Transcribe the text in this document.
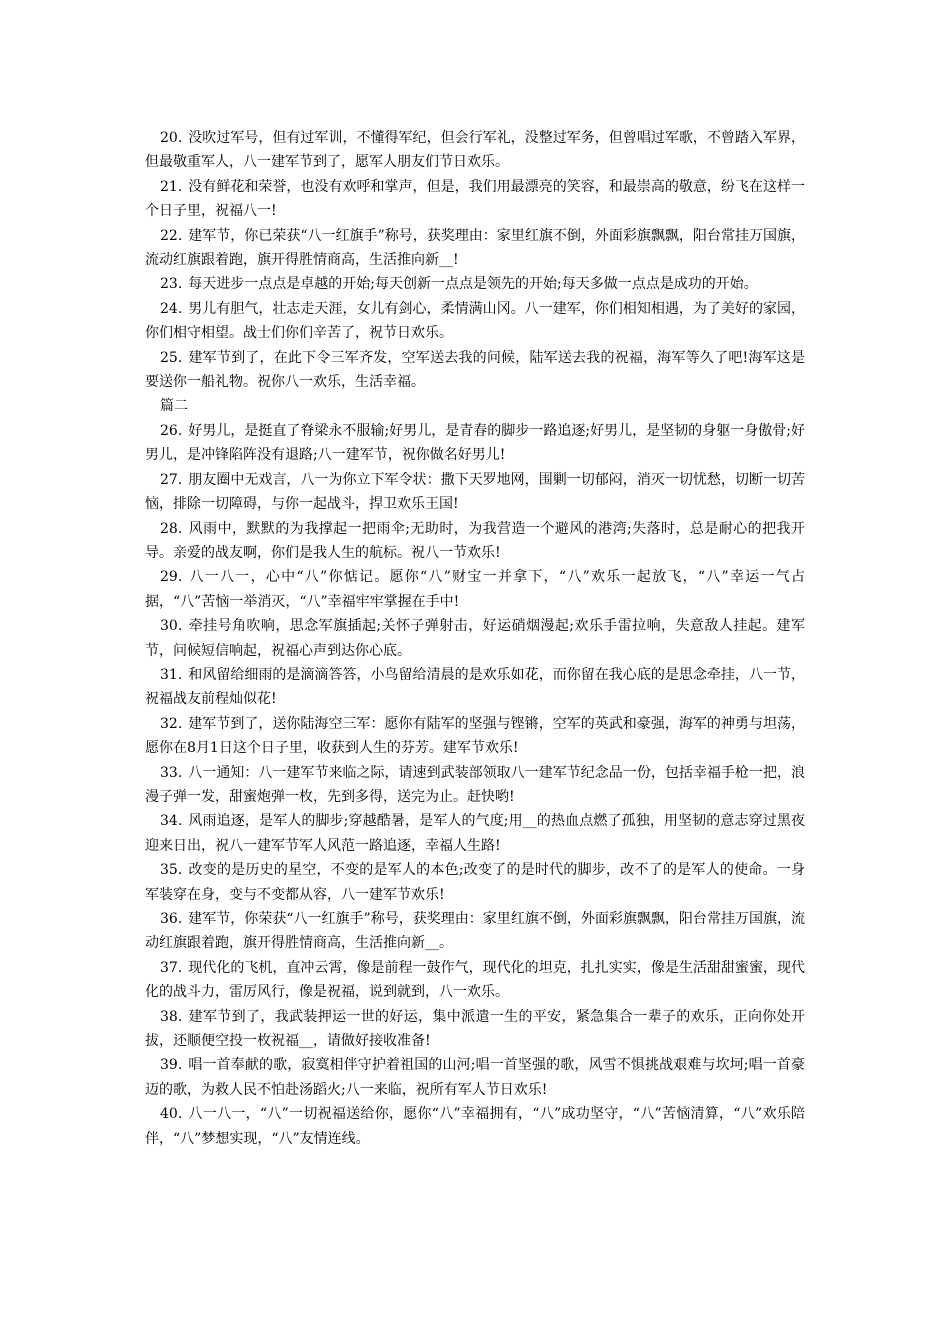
20. 没吹过军号，但有过军训，不懂得军纪，但会行军礼，没整过军务，但曾唱过军歌，不曾踏入军界，但最敬重军人，八一建军节到了，愿军人朋友们节日欢乐。

21. 没有鲜花和荣誉，也没有欢呼和掌声，但是，我们用最漂亮的笑容，和最崇高的敬意，纷飞在这样一个日子里，祝福八一!

22. 建军节，你已荣获“八一红旗手”称号，获奖理由：家里红旗不倒，外面彩旗飘飘，阳台常挂万国旗，流动红旗跟着跑，旗开得胜情商高，生活推向新__!

23. 每天进步一点点是卓越的开始;每天创新一点点是领先的开始;每天多做一点点是成功的开始。

24. 男儿有胆气，壮志走天涯，女儿有剑心，柔情满山冈。八一建军，你们相知相遇，为了美好的家园，你们相守相望。战士们你们辛苦了，祝节日欢乐。

25. 建军节到了，在此下令三军齐发，空军送去我的问候，陆军送去我的祝福，海军等久了吧!海军这是要送你一船礼物。祝你八一欢乐，生活幸福。

篇二

26. 好男儿，是挺直了脊梁永不服输;好男儿，是青春的脚步一路追逐;好男儿，是坚韧的身躯一身傲骨;好男儿，是冲锋陷阵没有退路;八一建军节，祝你做名好男儿!

27. 朋友圈中无戏言，八一为你立下军令状：撒下天罗地网，围剿一切郁闷，消灭一切忧愁，切断一切苦恼，排除一切障碍，与你一起战斗，捍卫欢乐王国!

28. 风雨中，默默的为我撑起一把雨伞;无助时，为我营造一个避风的港湾;失落时，总是耐心的把我开导。亲爱的战友啊，你们是我人生的航标。祝八一节欢乐!

29. 八一八一，心中“八”你惦记。愿你“八”财宝一并拿下，“八”欢乐一起放飞，“八”幸运一气占据，“八”苦恼一举消灭，“八”幸福牢牢掌握在手中!

30. 牵挂号角吹响，思念军旗插起;关怀子弹射击，好运硝烟漫起;欢乐手雷拉响，失意敌人挂起。建军节，问候短信响起，祝福心声到达你心底。

31. 和风留给细雨的是滴滴答答，小鸟留给清晨的是欢乐如花，而你留在我心底的是思念牵挂，八一节，祝福战友前程灿似花!

32. 建军节到了，送你陆海空三军：愿你有陆军的坚强与铿锵，空军的英武和豪强，海军的神勇与坦荡，愿你在8月1日这个日子里，收获到人生的芬芳。建军节欢乐!

33. 八一通知：八一建军节来临之际，请速到武装部领取八一建军节纪念品一份，包括幸福手枪一把，浪漫子弹一发，甜蜜炮弹一枚，先到多得，送完为止。赶快哟!

34. 风雨追逐，是军人的脚步;穿越酷暑，是军人的气度;用__的热血点燃了孤独，用坚韧的意志穿过黑夜迎来日出，祝八一建军节军人风范一路追逐，幸福人生路!

35. 改变的是历史的星空，不变的是军人的本色;改变了的是时代的脚步，改不了的是军人的使命。一身军装穿在身，变与不变都从容，八一建军节欢乐!

36. 建军节，你荣获“八一红旗手”称号，获奖理由：家里红旗不倒，外面彩旗飘飘，阳台常挂万国旗，流动红旗跟着跑，旗开得胜情商高，生活推向新__。

37. 现代化的飞机，直冲云霄，像是前程一鼓作气，现代化的坦克，扎扎实实，像是生活甜甜蜜蜜，现代化的战斗力，雷厉风行，像是祝福，说到就到，八一欢乐。

38. 建军节到了，我武装押运一世的好运，集中派遣一生的平安，紧急集合一辈子的欢乐，正向你处开拔，还顺便空投一枚祝福__，请做好接收准备!

39. 唱一首奉献的歌，寂寞相伴守护着祖国的山河;唱一首坚强的歌，风雪不惧挑战艰难与坎坷;唱一首豪迈的歌，为救人民不怕赴汤蹈火;八一来临，祝所有军人节日欢乐!

40. 八一八一，“八”一切祝福送给你，愿你“八”幸福拥有，“八”成功坚守，“八”苦恼清算，“八”欢乐陪伴，“八”梦想实现，“八”友情连线。
